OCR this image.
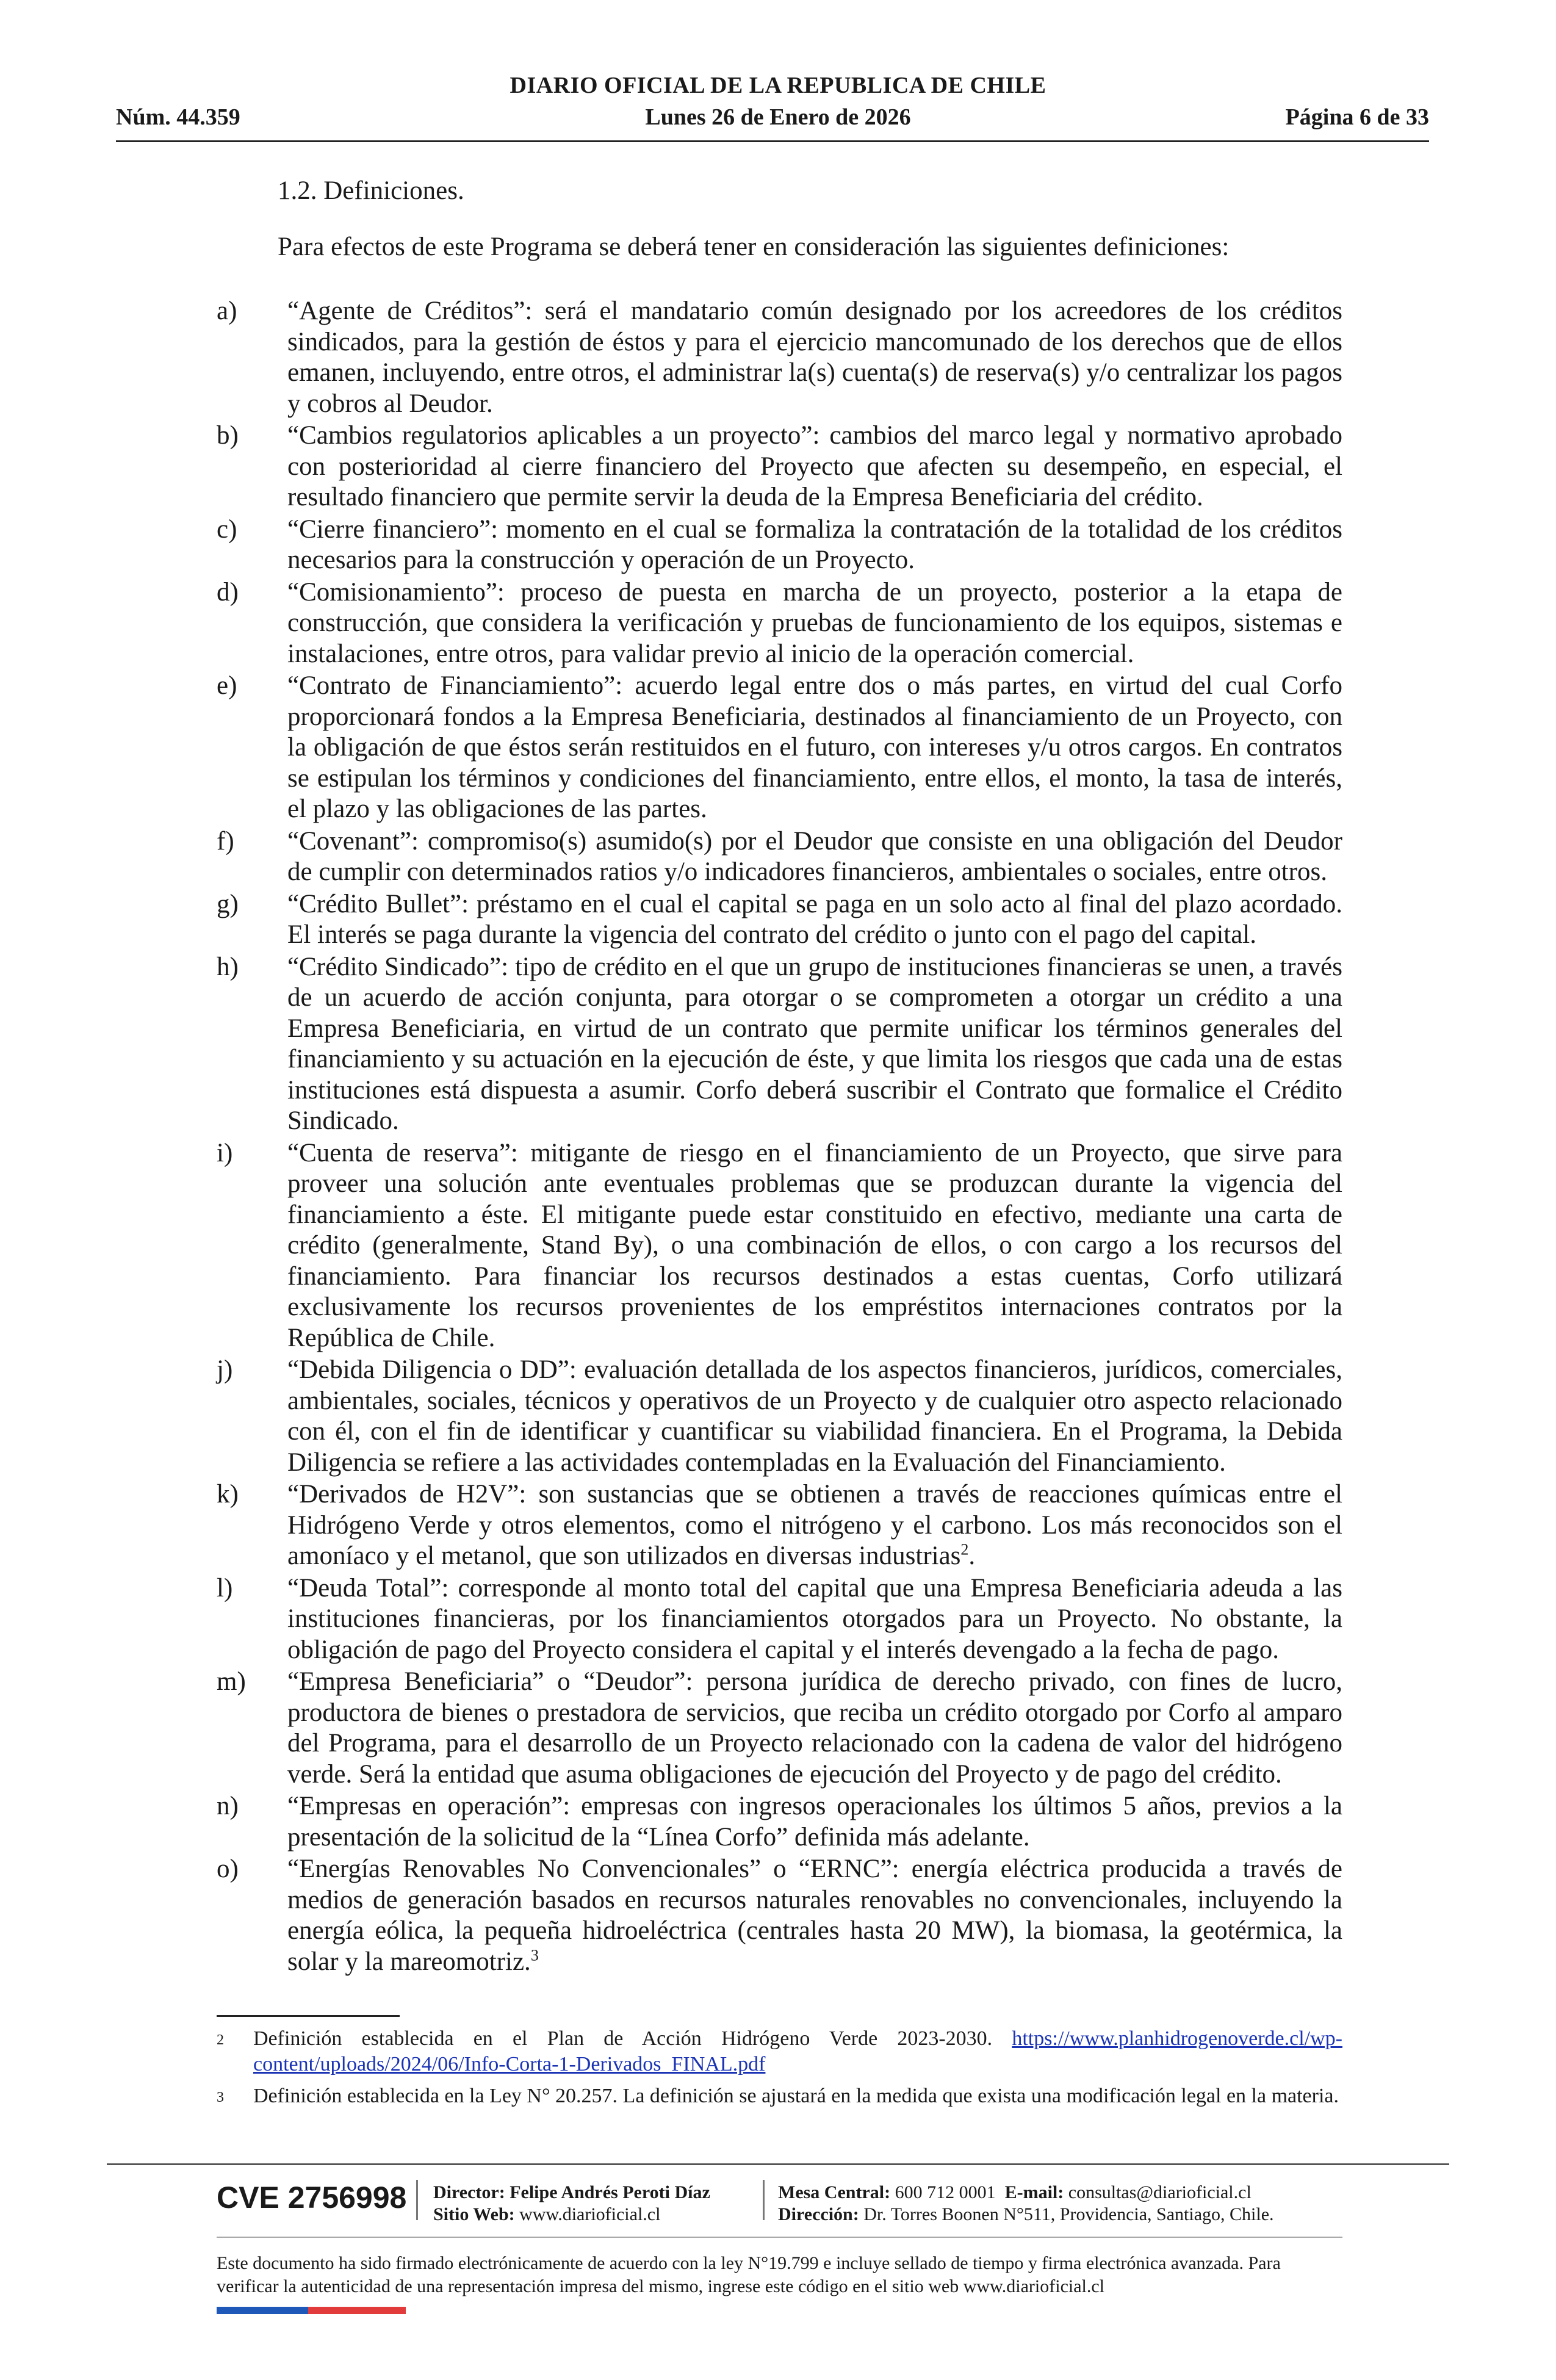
DIARIO OFICIAL DE LA REPUBLICA DE CHILE
Núm. 44.359	Lunes 26 de Enero de 2026	Página 6 de 33
1.2. Definiciones.
Para efectos de este Programa se deberá tener en consideración las siguientes definiciones:
a)	“Agente de Créditos”: será el mandatario común designado por los acreedores de los créditos sindicados, para la gestión de éstos y para el ejercicio mancomunado de los derechos que de ellos emanen, incluyendo, entre otros, el administrar la(s) cuenta(s) de reserva(s) y/o centralizar los pagos y cobros al Deudor.
b)	“Cambios regulatorios aplicables a un proyecto”: cambios del marco legal y normativo aprobado con posterioridad al cierre financiero del Proyecto que afecten su desempeño, en especial, el resultado financiero que permite servir la deuda de la Empresa Beneficiaria del crédito.
c)	“Cierre financiero”: momento en el cual se formaliza la contratación de la totalidad de los créditos necesarios para la construcción y operación de un Proyecto.
d)	“Comisionamiento”: proceso de puesta en marcha de un proyecto, posterior a la etapa de construcción, que considera la verificación y pruebas de funcionamiento de los equipos, sistemas e instalaciones, entre otros, para validar previo al inicio de la operación comercial.
e)	“Contrato de Financiamiento”: acuerdo legal entre dos o más partes, en virtud del cual Corfo proporcionará fondos a la Empresa Beneficiaria, destinados al financiamiento de un Proyecto, con la obligación de que éstos serán restituidos en el futuro, con intereses y/u otros cargos. En contratos se estipulan los términos y condiciones del financiamiento, entre ellos, el monto, la tasa de interés, el plazo y las obligaciones de las partes.
f)	“Covenant”: compromiso(s) asumido(s) por el Deudor que consiste en una obligación del Deudor de cumplir con determinados ratios y/o indicadores financieros, ambientales o sociales, entre otros.
g)	“Crédito Bullet”: préstamo en el cual el capital se paga en un solo acto al final del plazo acordado. El interés se paga durante la vigencia del contrato del crédito o junto con el pago del capital.
h)	“Crédito Sindicado”: tipo de crédito en el que un grupo de instituciones financieras se unen, a través de un acuerdo de acción conjunta, para otorgar o se comprometen a otorgar un crédito a una Empresa Beneficiaria, en virtud de un contrato que permite unificar los términos generales del financiamiento y su actuación en la ejecución de éste, y que limita los riesgos que cada una de estas instituciones está dispuesta a asumir. Corfo deberá suscribir el Contrato que formalice el Crédito Sindicado.
i)	“Cuenta de reserva”: mitigante de riesgo en el financiamiento de un Proyecto, que sirve para proveer una solución ante eventuales problemas que se produzcan durante la vigencia del financiamiento a éste. El mitigante puede estar constituido en efectivo, mediante una carta de crédito (generalmente, Stand By), o una combinación de ellos, o con cargo a los recursos del financiamiento. Para financiar los recursos destinados a estas cuentas, Corfo utilizará exclusivamente los recursos provenientes de los empréstitos internaciones contratos por la República de Chile.
j)	“Debida Diligencia o DD”: evaluación detallada de los aspectos financieros, jurídicos, comerciales, ambientales, sociales, técnicos y operativos de un Proyecto y de cualquier otro aspecto relacionado con él, con el fin de identificar y cuantificar su viabilidad financiera. En el Programa, la Debida Diligencia se refiere a las actividades contempladas en la Evaluación del Financiamiento.
k)	“Derivados de H2V”: son sustancias que se obtienen a través de reacciones químicas entre el Hidrógeno Verde y otros elementos, como el nitrógeno y el carbono. Los más reconocidos son el amoníaco y el metanol, que son utilizados en diversas industrias$^2$.
l)	“Deuda Total”: corresponde al monto total del capital que una Empresa Beneficiaria adeuda a las instituciones financieras, por los financiamientos otorgados para un Proyecto. No obstante, la obligación de pago del Proyecto considera el capital y el interés devengado a la fecha de pago.
m)	“Empresa Beneficiaria” o “Deudor”: persona jurídica de derecho privado, con fines de lucro, productora de bienes o prestadora de servicios, que reciba un crédito otorgado por Corfo al amparo del Programa, para el desarrollo de un Proyecto relacionado con la cadena de valor del hidrógeno verde. Será la entidad que asuma obligaciones de ejecución del Proyecto y de pago del crédito.
n)	“Empresas en operación”: empresas con ingresos operacionales los últimos 5 años, previos a la presentación de la solicitud de la “Línea Corfo” definida más adelante.
o)	“Energías Renovables No Convencionales” o “ERNC”: energía eléctrica producida a través de medios de generación basados en recursos naturales renovables no convencionales, incluyendo la energía eólica, la pequeña hidroeléctrica (centrales hasta 20 MW), la biomasa, la geotérmica, la solar y la mareomotriz.$^3$
2	Definición establecida en el Plan de Acción Hidrógeno Verde 2023-2030. https://www.planhidrogenoverde.cl/wp-content/uploads/2024/06/Info-Corta-1-Derivados_FINAL.pdf
3	Definición establecida en la Ley N° 20.257. La definición se ajustará en la medida que exista una modificación legal en la materia.
CVE 2756998 Director: Felipe Andrés Peroti Díaz
Sitio Web: www.diarioficial.cl
Mesa Central: 600 712 0001 E-mail: consultas@diarioficial.cl
Dirección: Dr. Torres Boonen N°511, Providencia, Santiago, Chile.
Este documento ha sido firmado electrónicamente de acuerdo con la ley N°19.799 e incluye sellado de tiempo y firma electrónica avanzada. Para verificar la autenticidad de una representación impresa del mismo, ingrese este código en el sitio web www.diarioficial.cl
